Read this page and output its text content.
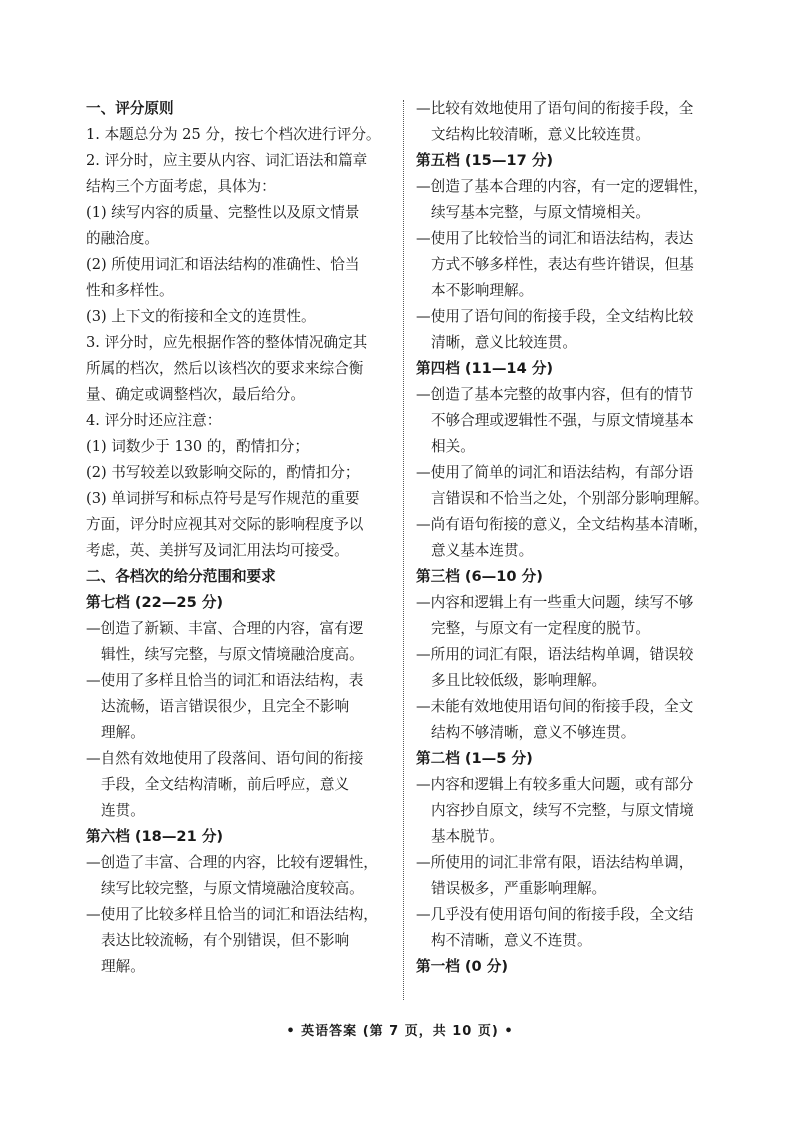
一、评分原则
1. 本题总分为 25 分，按七个档次进行评分。
2. 评分时，应主要从内容、词汇语法和篇章
结构三个方面考虑，具体为：
(1) 续写内容的质量、完整性以及原文情景
的融洽度。
(2) 所使用词汇和语法结构的准确性、恰当
性和多样性。
(3) 上下文的衔接和全文的连贯性。
3. 评分时，应先根据作答的整体情况确定其
所属的档次，然后以该档次的要求来综合衡
量、确定或调整档次，最后给分。
4. 评分时还应注意：
(1) 词数少于 130 的，酌情扣分；
(2) 书写较差以致影响交际的，酌情扣分；
(3) 单词拼写和标点符号是写作规范的重要
方面，评分时应视其对交际的影响程度予以
考虑，英、美拼写及词汇用法均可接受。
二、各档次的给分范围和要求
第七档 (22—25 分)
—创造了新颖、丰富、合理的内容，富有逻
辑性，续写完整，与原文情境融洽度高。
—使用了多样且恰当的词汇和语法结构，表
达流畅，语言错误很少，且完全不影响
理解。
—自然有效地使用了段落间、语句间的衔接
手段，全文结构清晰，前后呼应，意义
连贯。
第六档 (18—21 分)
—创造了丰富、合理的内容，比较有逻辑性，
续写比较完整，与原文情境融洽度较高。
—使用了比较多样且恰当的词汇和语法结构，
表达比较流畅，有个别错误，但不影响
理解。
—比较有效地使用了语句间的衔接手段，全
文结构比较清晰，意义比较连贯。
第五档 (15—17 分)
—创造了基本合理的内容，有一定的逻辑性，
续写基本完整，与原文情境相关。
—使用了比较恰当的词汇和语法结构，表达
方式不够多样性，表达有些许错误，但基
本不影响理解。
—使用了语句间的衔接手段，全文结构比较
清晰，意义比较连贯。
第四档 (11—14 分)
—创造了基本完整的故事内容，但有的情节
不够合理或逻辑性不强，与原文情境基本
相关。
—使用了简单的词汇和语法结构，有部分语
言错误和不恰当之处，个别部分影响理解。
—尚有语句衔接的意义，全文结构基本清晰，
意义基本连贯。
第三档 (6—10 分)
—内容和逻辑上有一些重大问题，续写不够
完整，与原文有一定程度的脱节。
—所用的词汇有限，语法结构单调，错误较
多且比较低级，影响理解。
—未能有效地使用语句间的衔接手段，全文
结构不够清晰，意义不够连贯。
第二档 (1—5 分)
—内容和逻辑上有较多重大问题，或有部分
内容抄自原文，续写不完整，与原文情境
基本脱节。
—所使用的词汇非常有限，语法结构单调，
错误极多，严重影响理解。
—几乎没有使用语句间的衔接手段，全文结
构不清晰，意义不连贯。
第一档 (0 分)
• 英语答案 (第 7 页，共 10 页) •
